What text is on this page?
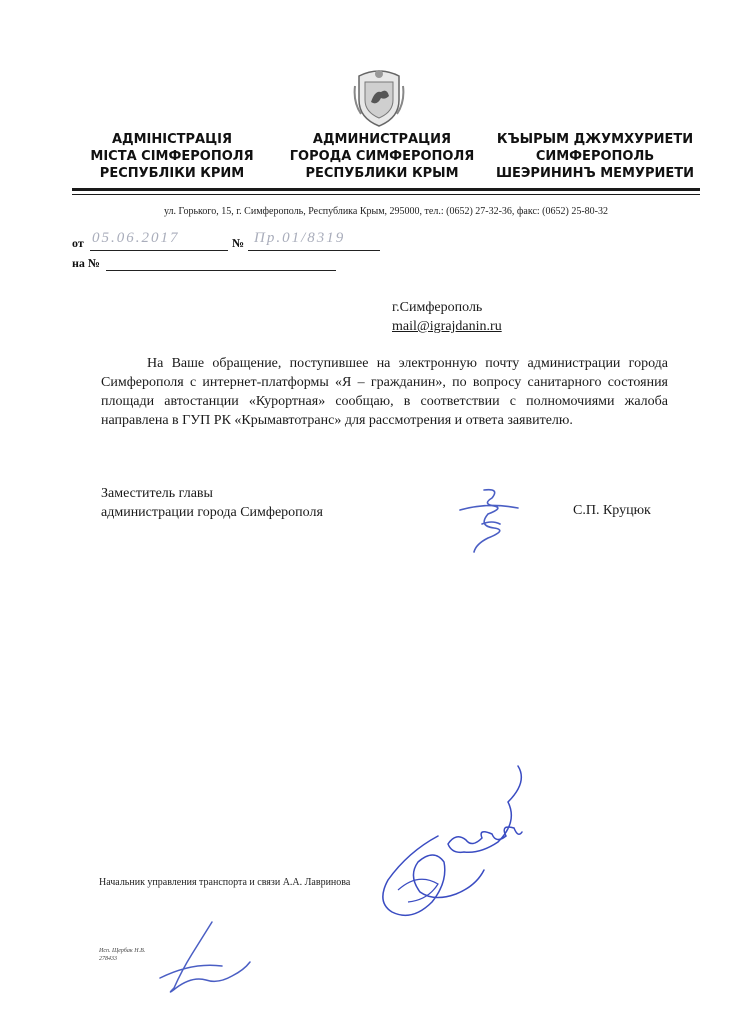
АДМІНІСТРАЦІЯ
МІСТА СІМФЕРОПОЛЯ
РЕСПУБЛІКИ КРИМ
АДМИНИСТРАЦИЯ
ГОРОДА СИМФЕРОПОЛЯ
РЕСПУБЛИКИ КРЫМ
КЪЫРЫМ ДЖУМХУРИЕТИ
СИМФЕРОПОЛЬ
ШЕЭРИНИНЪ МЕМУРИЕТИ
ул. Горького, 15, г. Симферополь, Республика Крым, 295000, тел.: (0652) 27-32-36, факс: (0652) 25-80-32
от 05.06.2017	№ Пр.01/8319
на №
г.Симферополь
mail@igrajdanin.ru
На Ваше обращение, поступившее на электронную почту администрации города Симферополя с интернет-платформы «Я – гражданин», по вопросу санитарного состояния площади автостанции «Курортная» сообщаю, в соответствии с полномочиями жалоба направлена в ГУП РК «Крымавтотранс» для рассмотрения и ответа заявителю.
Заместитель главы
администрации города Симферополя	С.П. Круцюк
Начальник управления транспорта и связи А.А. Лавринова
Исп. Щербак Н.В.
278433
